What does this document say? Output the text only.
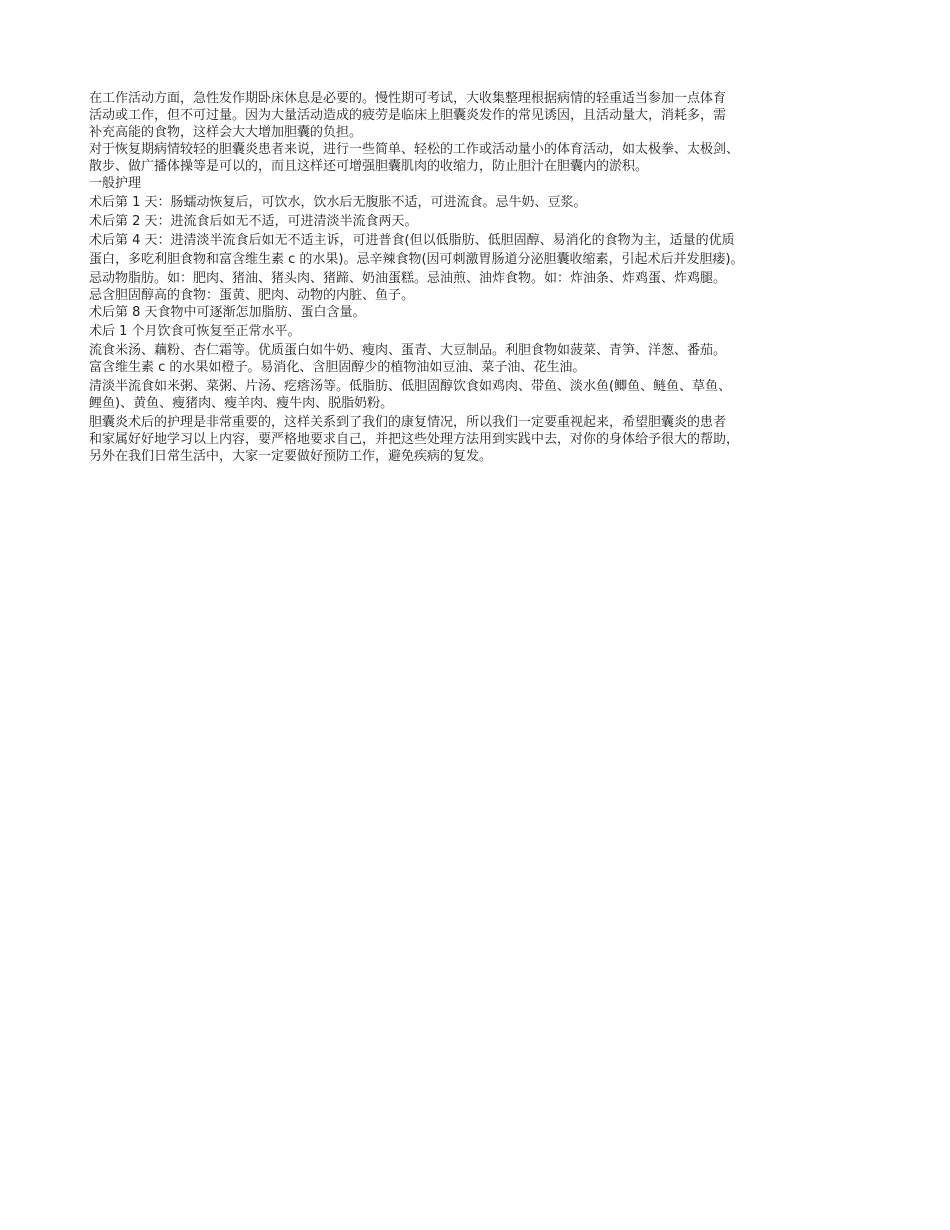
在工作活动方面，急性发作期卧床休息是必要的。慢性期可考试，大收集整理根据病情的轻重适当参加一点体育
活动或工作，但不可过量。因为大量活动造成的疲劳是临床上胆囊炎发作的常见诱因，且活动量大，消耗多，需
补充高能的食物，这样会大大增加胆囊的负担。
对于恢复期病情较轻的胆囊炎患者来说，进行一些简单、轻松的工作或活动量小的体育活动，如太极拳、太极剑、
散步、做广播体操等是可以的，而且这样还可增强胆囊肌肉的收缩力，防止胆汁在胆囊内的淤积。
一般护理
术后第 1 天：肠蠕动恢复后，可饮水，饮水后无腹胀不适，可进流食。忌牛奶、豆浆。
术后第 2 天：进流食后如无不适，可进清淡半流食两天。
术后第 4 天：进清淡半流食后如无不适主诉，可进普食(但以低脂肪、低胆固醇、易消化的食物为主，适量的优质
蛋白，多吃利胆食物和富含维生素 c 的水果)。忌辛辣食物(因可刺激胃肠道分泌胆囊收缩素，引起术后并发胆瘘)。
忌动物脂肪。如：肥肉、猪油、猪头肉、猪蹄、奶油蛋糕。忌油煎、油炸食物。如：炸油条、炸鸡蛋、炸鸡腿。
忌含胆固醇高的食物：蛋黄、肥肉、动物的内脏、鱼子。
术后第 8 天食物中可逐渐怎加脂肪、蛋白含量。
术后 1 个月饮食可恢复至正常水平。
流食米汤、藕粉、杏仁霜等。优质蛋白如牛奶、瘦肉、蛋青、大豆制品。利胆食物如菠菜、青笋、洋葱、番茄。
富含维生素 c 的水果如橙子。易消化、含胆固醇少的植物油如豆油、菜子油、花生油。
清淡半流食如米粥、菜粥、片汤、疙瘩汤等。低脂肪、低胆固醇饮食如鸡肉、带鱼、淡水鱼(鲫鱼、鲢鱼、草鱼、
鲤鱼)、黄鱼、瘦猪肉、瘦羊肉、瘦牛肉、脱脂奶粉。
胆囊炎术后的护理是非常重要的，这样关系到了我们的康复情况，所以我们一定要重视起来，希望胆囊炎的患者
和家属好好地学习以上内容，要严格地要求自己，并把这些处理方法用到实践中去，对你的身体给予很大的帮助，
另外在我们日常生活中，大家一定要做好预防工作，避免疾病的复发。
